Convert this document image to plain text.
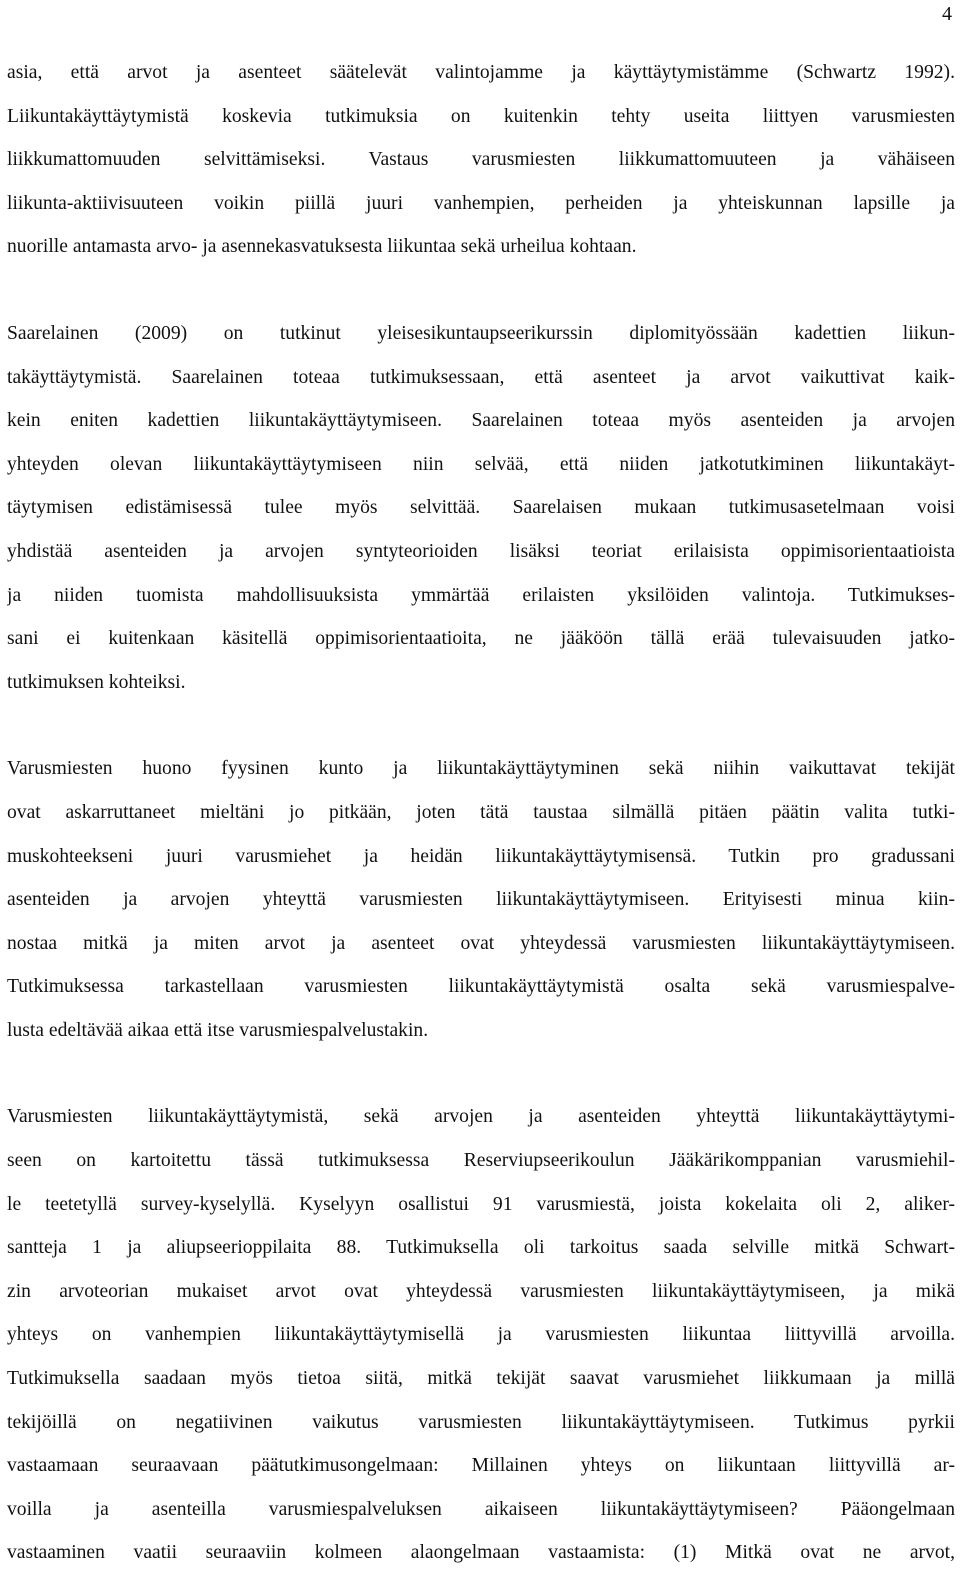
4

asia, että arvot ja asenteet säätelevät valintojamme ja käyttäytymistämme (Schwartz 1992).
Liikuntakäyttäytymistä koskevia tutkimuksia on kuitenkin tehty useita liittyen varusmiesten
liikkumattomuuden selvittämiseksi. Vastaus varusmiesten liikkumattomuuteen ja vähäiseen
liikunta-aktiivisuuteen voikin piillä juuri vanhempien, perheiden ja yhteiskunnan lapsille ja
nuorille antamasta arvo- ja asennekasvatuksesta liikuntaa sekä urheilua kohtaan.

Saarelainen (2009) on tutkinut yleisesikuntaupseerikurssin diplomityössään kadettien liikun-
takäyttäytymistä. Saarelainen toteaa tutkimuksessaan, että asenteet ja arvot vaikuttivat kaik-
kein eniten kadettien liikuntakäyttäytymiseen. Saarelainen toteaa myös asenteiden ja arvojen
yhteyden olevan liikuntakäyttäytymiseen niin selvää, että niiden jatkotutkiminen liikuntakäyt-
täytymisen edistämisessä tulee myös selvittää. Saarelaisen mukaan tutkimusasetelmaan voisi
yhdistää asenteiden ja arvojen syntyteorioiden lisäksi teoriat erilaisista oppimisorientaatioista
ja niiden tuomista mahdollisuuksista ymmärtää erilaisten yksilöiden valintoja. Tutkimukses-
sani ei kuitenkaan käsitellä oppimisorientaatioita, ne jääköön tällä erää tulevaisuuden jatko-
tutkimuksen kohteiksi.

Varusmiesten huono fyysinen kunto ja liikuntakäyttäytyminen sekä niihin vaikuttavat tekijät
ovat askarruttaneet mieltäni jo pitkään, joten tätä taustaa silmällä pitäen päätin valita tutki-
muskohteekseni juuri varusmiehet ja heidän liikuntakäyttäytymisensä. Tutkin pro gradussani
asenteiden ja arvojen yhteyttä varusmiesten liikuntakäyttäytymiseen. Erityisesti minua kiin-
nostaa mitkä ja miten arvot ja asenteet ovat yhteydessä varusmiesten liikuntakäyttäytymiseen.
Tutkimuksessa tarkastellaan varusmiesten liikuntakäyttäytymistä osalta sekä varusmiespalve-
lusta edeltävää aikaa että itse varusmiespalvelustakin.

Varusmiesten liikuntakäyttäytymistä, sekä arvojen ja asenteiden yhteyttä liikuntakäyttäytymi-
seen on kartoitettu tässä tutkimuksessa Reserviupseerikoulun Jääkärikomppanian varusmiehil-
le teetetyllä survey-kyselyllä. Kyselyyn osallistui 91 varusmiestä, joista kokelaita oli 2, aliker-
santteja 1 ja aliupseerioppilaita 88. Tutkimuksella oli tarkoitus saada selville mitkä Schwart-
zin arvoteorian mukaiset arvot ovat yhteydessä varusmiesten liikuntakäyttäytymiseen, ja mikä
yhteys on vanhempien liikuntakäyttäytymisellä ja varusmiesten liikuntaa liittyvillä arvoilla.
Tutkimuksella saadaan myös tietoa siitä, mitkä tekijät saavat varusmiehet liikkumaan ja millä
tekijöillä on negatiivinen vaikutus varusmiesten liikuntakäyttäytymiseen. Tutkimus pyrkii
vastaamaan seuraavaan päätutkimusongelmaan: Millainen yhteys on liikuntaan liittyvillä ar-
voilla ja asenteilla varusmiespalveluksen aikaiseen liikuntakäyttäytymiseen? Pääongelmaan
vastaaminen vaatii seuraaviin kolmeen alaongelmaan vastaamista: (1) Mitkä ovat ne arvot,
